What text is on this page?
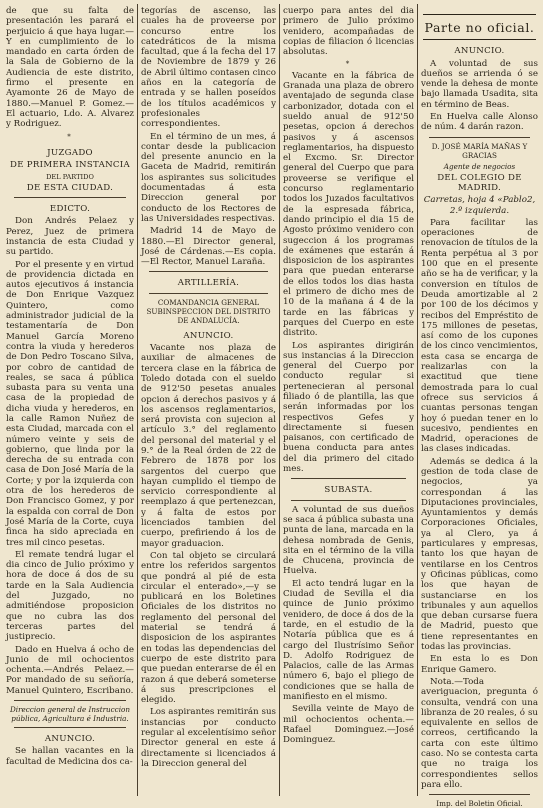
de que su falta de presentación les parará el perjuicio á que haya lugar.—Y en cumplimiento de lo mandado en carta órden de la Sala de Gobierno de la Audiencia de este distrito, firmo el presente en Ayamonte 26 de Mayo de 1880.—Manuel P. Gomez.—El actuario, Ldo. A. Alvarez y Rodriguez.

*
JUZGADO
DE PRIMERA INSTANCIA
DEL PARTIDO
DE ESTA CIUDAD.
EDICTO.

Don Andrés Pelaez y Perez, Juez de primera instancia de esta Ciudad y su partido.

Por el presente y en virtud de providencia dictada en autos ejecutivos á instancia de Don Enrique Vazquez Quintero, como administrador judicial de la testamentaría de Don Manuel García Moreno contra la viuda y herederos de Don Pedro Toscano Silva, por cobro de cantidad de reales, se saca á pública subasta para su venta una casa de la propiedad de dicha viuda y herederos, en la calle Ramon Nuñez de esta Ciudad, marcada con el número veinte y seis de gobierno, que linda por la derecha de su entrada con casa de Don José María de la Corte; y por la izquierda con otra de los herederos de Don Francisco Gomez, y por la espalda con corral de Don José María de la Corte, cuya finca ha sido apreciada en tres mil cinco pesetas.

El remate tendrá lugar el dia cinco de Julio próximo y hora de doce á dos de su tarde en la Sala Audiencia del Juzgado, no admitiéndose proposicion que no cubra las dos terceras partes del justiprecio.

Dado en Huelva á ocho de Junio de mil ochocientos ochenta.—Andrés Pelaez.—Por mandado de su señoría, Manuel Quintero, Escribano.

Direccion general de Instruccion pública, Agricultura é Industria.

ANUNCIO.

Se hallan vacantes en la facultad de Medicina dos ca-

tegorías de ascenso, las cuales ha de proveerse por concurso entre los catedráticos de la misma facultad, que á la fecha del 17 de Noviembre de 1879 y 26 de Abril último contasen cinco años en la categoría de entrada y se hallen poseídos de los títulos académicos y profesionales correspondientes.

En el término de un mes, á contar desde la publicacion del presente anuncio en la Gaceta de Madrid, remitirán los aspirantes sus solicitudes documentadas á esta Direccion general por conducto de los Rectores de las Universidades respectivas.

Madrid 14 de Mayo de 1880.—El Director general, José de Cárdenas.—Es copia. —El Rector, Manuel Laraña.

ARTILLERÍA.

COMANDANCIA GENERAL SUBINSPECCION DEL DISTRITO DE ANDALUCÍA.

ANUNCIO.

Vacante nos plaza de auxiliar de almacenes de tercera clase en la fábrica de Toledo dotada con el sueldo de 912'50 pesetas anuales opcion á derechos pasivos y á los ascensos reglamentarios, será provista con sujecion al artículo 3.° del reglamento del personal del material y el 9.° de la Real órden de 22 de Febrero de 1878 por los sargentos del cuerpo que hayan cumplido el tiempo de servicio correspondiente al reemplazo á que pertenezcan, y á falta de estos por licenciados tambien del cuerpo, prefiriendo á los de mayor graduacion.

Con tal objeto se circulará entre los referidos sargentos que pondrá al pié de esta circular el enterado»,—y se publicará en los Boletines Oficiales de los distritos no reglamento del personal del material se tendrá á disposicion de los aspirantes en todas las dependencias del cuerpo de este distrito para que puedan enterarse de él en razon á que deberá someterse á sus prescripciones el elegido.

Los aspirantes remitirán sus instancias por conducto regular al excelentísimo señor Director general en este á directamente si licenciados á la Direccion general del

cuerpo para antes del dia primero de Julio próximo venidero, acompañadas de copias de filiacion ó licencias absolutas.

*

Vacante en la fábrica de Granada una plaza de obrero aventajado de segunda clase carbonizador, dotada con el sueldo anual de 912'50 pesetas, opcion á derechos pasivos y á ascensos reglamentarios, ha dispuesto el Excmo. Sr. Director general del Cuerpo que para proveerse se verifique el concurso reglamentario todos los Juzados facultativos de la espresada fábrica, dando principio el dia 15 de Agosto próximo venidero con sugeccion á los programas de exámenes que estarán á disposicion de los aspirantes para que puedan enterarse de ellos todos los dias hasta el primero de dicho mes de 10 de la mañana á 4 de la tarde en las fábricas y parques del Cuerpo en este distrito.

Los aspirantes dirigirán sus instancias á la Direccion general del Cuerpo por conducto regular si pertenecieran al personal filiado ó de plantilla, las que serán informadas por los respectivos Gefes y directamente si fuesen paisanos, con certificado de buena conducta para antes del dia primero del citado mes.

SUBASTA.

A voluntad de sus dueños se saca á pública subasta una punta de lana, marcada en la dehesa nombrada de Genis, sita en el término de la villa de Chucena, provincia de Huelva.

El acto tendrá lugar en la Ciudad de Sevilla el dia quince de Junio próximo venidero, de doce á dos de la tarde, en el estudio de la Notaría pública que es á cargo del Ilustrísimo Señor D. Adolfo Rodriguez de Palacios, calle de las Armas número 6, bajo el pliego de condiciones que se halla de manifiesto en el mismo.

Sevilla veinte de Mayo de mil ochocientos ochenta.—Rafael Dominguez.—José Dominguez.

Parte no oficial.
ANUNCIO.

A voluntad de sus dueños se arrienda ó se vende la dehesa de monte bajo llamada Usadita, sita en término de Beas.

En Huelva calle Alonso de núm. 4 darán razon.

D. JOSÉ MARÍA MAÑAS Y GRACIAS

Agente de negocios

DEL COLEGIO DE MADRID.

Carretas, hoja 4 «Pablo2, 2.º izquierda.

Para facilitar las operaciones de renovacion de títulos de la Renta perpétua al 3 por 100 que en el presente año se ha de verificar, y la conversion en títulos de Deuda amortizable al 2 por 100 de los décimos y recibos del Empréstito de 175 millones de pesetas, así como de los cupones de los cinco vencimientos, esta casa se encarga de realizarlas con la exactitud que tiene demostrada para lo cual ofrece sus servicios á cuantas personas tengan hoy ó puedan tener en lo sucesivo, pendientes en Madrid, operaciones de las clases indicadas.

Además se dedica á la gestion de toda clase de negocios, ya correspondan á las Diputaciones provinciales, Ayuntamientos y demás Corporaciones Oficiales, ya al Clero, ya á particulares y empresas, tanto los que hayan de ventilarse en los Centros y Oficinas públicas, como los que hayan de sustanciarse en los tribunales y aun aquellos que deban cursarse fuera de Madrid, puesto que tiene representantes en todas las provincias.

En esta lo es Don Enrique Gamero.

Nota.—Toda averiguacion, pregunta ó consulta, vendrá con una libranza de 20 reales, ó su equivalente en sellos de correos, certificando la carta con este último caso. No se contesta carta que no traiga los correspondientes sellos para ello.

Imp. del Boletin Oficial.
